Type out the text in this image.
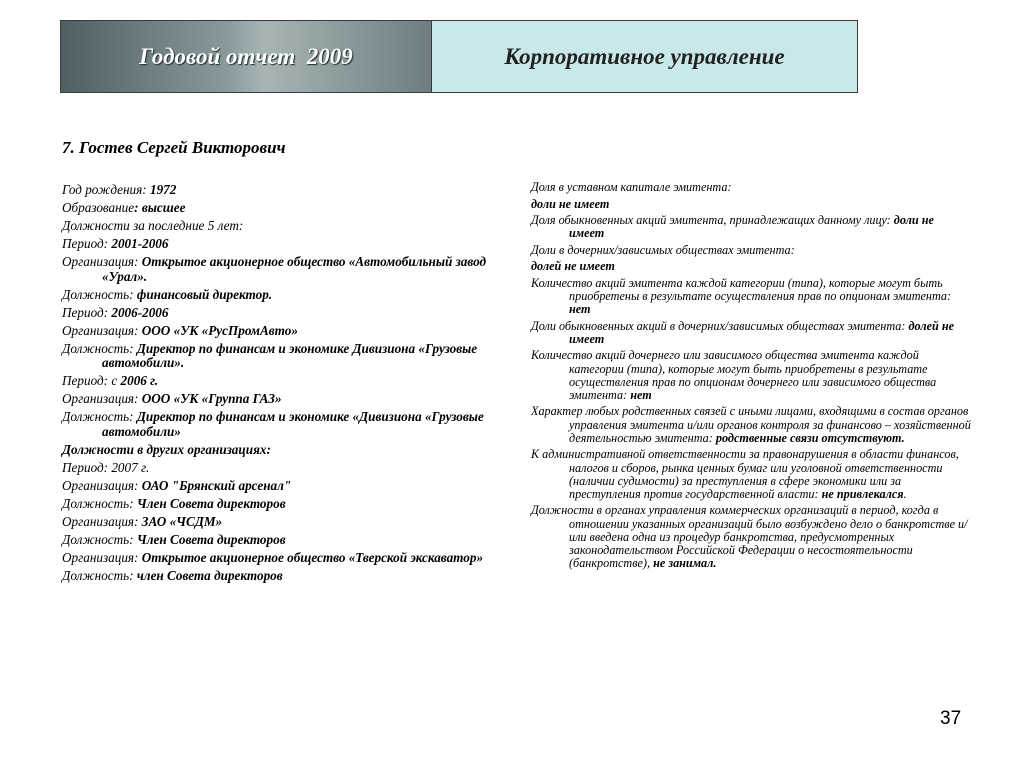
Годовой отчет  2009	Корпоративное управление
7. Гостев Сергей Викторович

Год рождения: 1972

Образование: высшее

Должности за последние 5 лет:

Период: 2001-2006

Организация: Открытое акционерное общество «Автомобильный завод «Урал».

Должность: финансовый директор.

Период: 2006-2006

Организация: ООО «УК «РусПромАвто»

Должность: Директор по финансам и экономике Дивизиона «Грузовые автомобили».

Период: с 2006 г.

Организация: ООО «УК «Группа ГАЗ»

Должность: Директор по финансам и экономике «Дивизиона «Грузовые автомобили»

Должности в других организациях:

Период: 2007 г.

Организация: ОАО "Брянский арсенал"

Должность: Член Совета директоров

Организация: ЗАО «ЧСДМ»

Должность: Член Совета директоров

Организация: Открытое акционерное общество «Тверской экскаватор»

Должность: член Совета директоров

Доля в уставном капитале эмитента:

доли не имеет

Доля обыкновенных акций эмитента, принадлежащих данному лицу: доли не имеет

Доли в дочерних/зависимых обществах эмитента:

долей не имеет

Количество акций эмитента каждой категории (типа), которые могут быть приобретены в результате осуществления прав по опционам эмитента: нет

Доли обыкновенных акций в дочерних/зависимых обществах эмитента: долей не имеет

Количество акций дочернего или зависимого общества эмитента каждой категории (типа), которые могут быть приобретены в результате осуществления прав по опционам дочернего или зависимого общества эмитента: нет

Характер любых родственных связей с иными лицами, входящими в состав органов управления эмитента и/или органов контроля за финансово – хозяйственной деятельностью эмитента: родственные связи отсутствуют.

К административной ответственности за правонарушения в области финансов, налогов и сборов, рынка ценных бумаг или уголовной ответственности (наличии судимости) за преступления в сфере экономики или за преступления против государственной власти: не привлекался.

Должности в органах управления коммерческих организаций в период, когда в отношении указанных организаций было возбуждено дело о банкротстве и/или введена одна из процедур банкротства, предусмотренных законодательством Российской Федерации о несостоятельности (банкротстве), не занимал.

37
